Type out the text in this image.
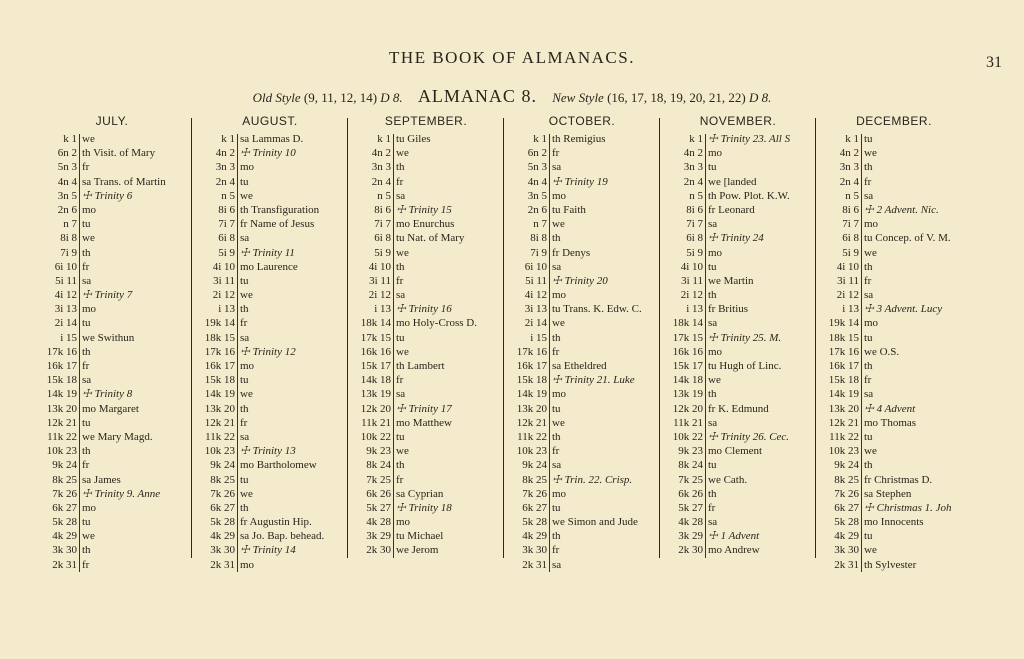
THE BOOK OF ALMANACS.	31
Old Style (9, 11, 12, 14) D 8. ALMANAC 8. New Style (16, 17, 18, 19, 20, 21, 22) D 8.
JULY.
k 1 we
6n 2 th Visit. of Mary
5n 3 fr
4n 4 sa Trans. of Martin
3n 5 ☩ Trinity 6
2n 6 mo
n 7 tu
8i 8 we
7i 9 th
6i 10 fr
5i 11 sa
4i 12 ☩ Trinity 7
3i 13 mo
2i 14 tu
i 15 we Swithun
17k 16 th
16k 17 fr
15k 18 sa
14k 19 ☩ Trinity 8
13k 20 mo Margaret
12k 21 tu
11k 22 we Mary Magd.
10k 23 th
9k 24 fr
8k 25 sa James
7k 26 ☩ Trinity 9. Anne
6k 27 mo
5k 28 tu
4k 29 we
3k 30 th
2k 31 fr
AUGUST.
k 1 sa Lammas D.
4n 2 ☩ Trinity 10
3n 3 mo
2n 4 tu
n 5 we
8i 6 th Transfiguration
7i 7 fr Name of Jesus
6i 8 sa
5i 9 ☩ Trinity 11
4i 10 mo Laurence
3i 11 tu
2i 12 we
i 13 th
19k 14 fr
18k 15 sa
17k 16 ☩ Trinity 12
16k 17 mo
15k 18 tu
14k 19 we
13k 20 th
12k 21 fr
11k 22 sa
10k 23 ☩ Trinity 13
9k 24 mo Bartholomew
8k 25 tu
7k 26 we
6k 27 th
5k 28 fr Augustin Hip.
4k 29 sa Jo. Bap. behead.
3k 30 ☩ Trinity 14
2k 31 mo
SEPTEMBER.
k 1 tu Giles
4n 2 we
3n 3 th
2n 4 fr
n 5 sa
8i 6 ☩ Trinity 15
7i 7 mo Enurchus
6i 8 tu Nat. of Mary
5i 9 we
4i 10 th
3i 11 fr
2i 12 sa
i 13 ☩ Trinity 16
18k 14 mo Holy-Cross D.
17k 15 tu
16k 16 we
15k 17 th Lambert
14k 18 fr
13k 19 sa
12k 20 ☩ Trinity 17
11k 21 mo Matthew
10k 22 tu
9k 23 we
8k 24 th
7k 25 fr
6k 26 sa Cyprian
5k 27 ☩ Trinity 18
4k 28 mo
3k 29 tu Michael
2k 30 we Jerom
OCTOBER.
k 1 th Remigius
6n 2 fr
5n 3 sa
4n 4 ☩ Trinity 19
3n 5 mo
2n 6 tu Faith
n 7 we
8i 8 th
7i 9 fr Denys
6i 10 sa
5i 11 ☩ Trinity 20
4i 12 mo
3i 13 tu Trans. K. Edw. C.
2i 14 we
i 15 th
17k 16 fr
16k 17 sa Etheldred
15k 18 ☩ Trinity 21. Luke
14k 19 mo
13k 20 tu
12k 21 we
11k 22 th
10k 23 fr
9k 24 sa
8k 25 ☩ Trin. 22. Crisp.
7k 26 mo
6k 27 tu
5k 28 we Simon and Jude
4k 29 th
3k 30 fr
2k 31 sa
NOVEMBER.
k 1 ☩ Trinity 23. All S
4n 2 mo
3n 3 tu
2n 4 we [landed
n 5 th Pow. Plot. K.W.
8i 6 fr Leonard
7i 7 sa
6i 8 ☩ Trinity 24
5i 9 mo
4i 10 tu
3i 11 we Martin
2i 12 th
i 13 fr Britius
18k 14 sa
17k 15 ☩ Trinity 25. M.
16k 16 mo
15k 17 tu Hugh of Linc.
14k 18 we
13k 19 th
12k 20 fr K. Edmund
11k 21 sa
10k 22 ☩ Trinity 26. Cec.
9k 23 mo Clement
8k 24 tu
7k 25 we Cath.
6k 26 th
5k 27 fr
4k 28 sa
3k 29 ☩ 1 Advent
2k 30 mo Andrew
DECEMBER.
k 1 tu
4n 2 we
3n 3 th
2n 4 fr
n 5 sa
8i 6 ☩ 2 Advent. Nic.
7i 7 mo
6i 8 tu Concep. of V. M.
5i 9 we
4i 10 th
3i 11 fr
2i 12 sa
i 13 ☩ 3 Advent. Lucy
19k 14 mo
18k 15 tu
17k 16 we O.S.
16k 17 th
15k 18 fr
14k 19 sa
13k 20 ☩ 4 Advent
12k 21 mo Thomas
11k 22 tu
10k 23 we
9k 24 th
8k 25 fr Christmas D.
7k 26 sa Stephen
6k 27 ☩ Christmas 1. Joh
5k 28 mo Innocents
4k 29 tu
3k 30 we
2k 31 th Sylvester
